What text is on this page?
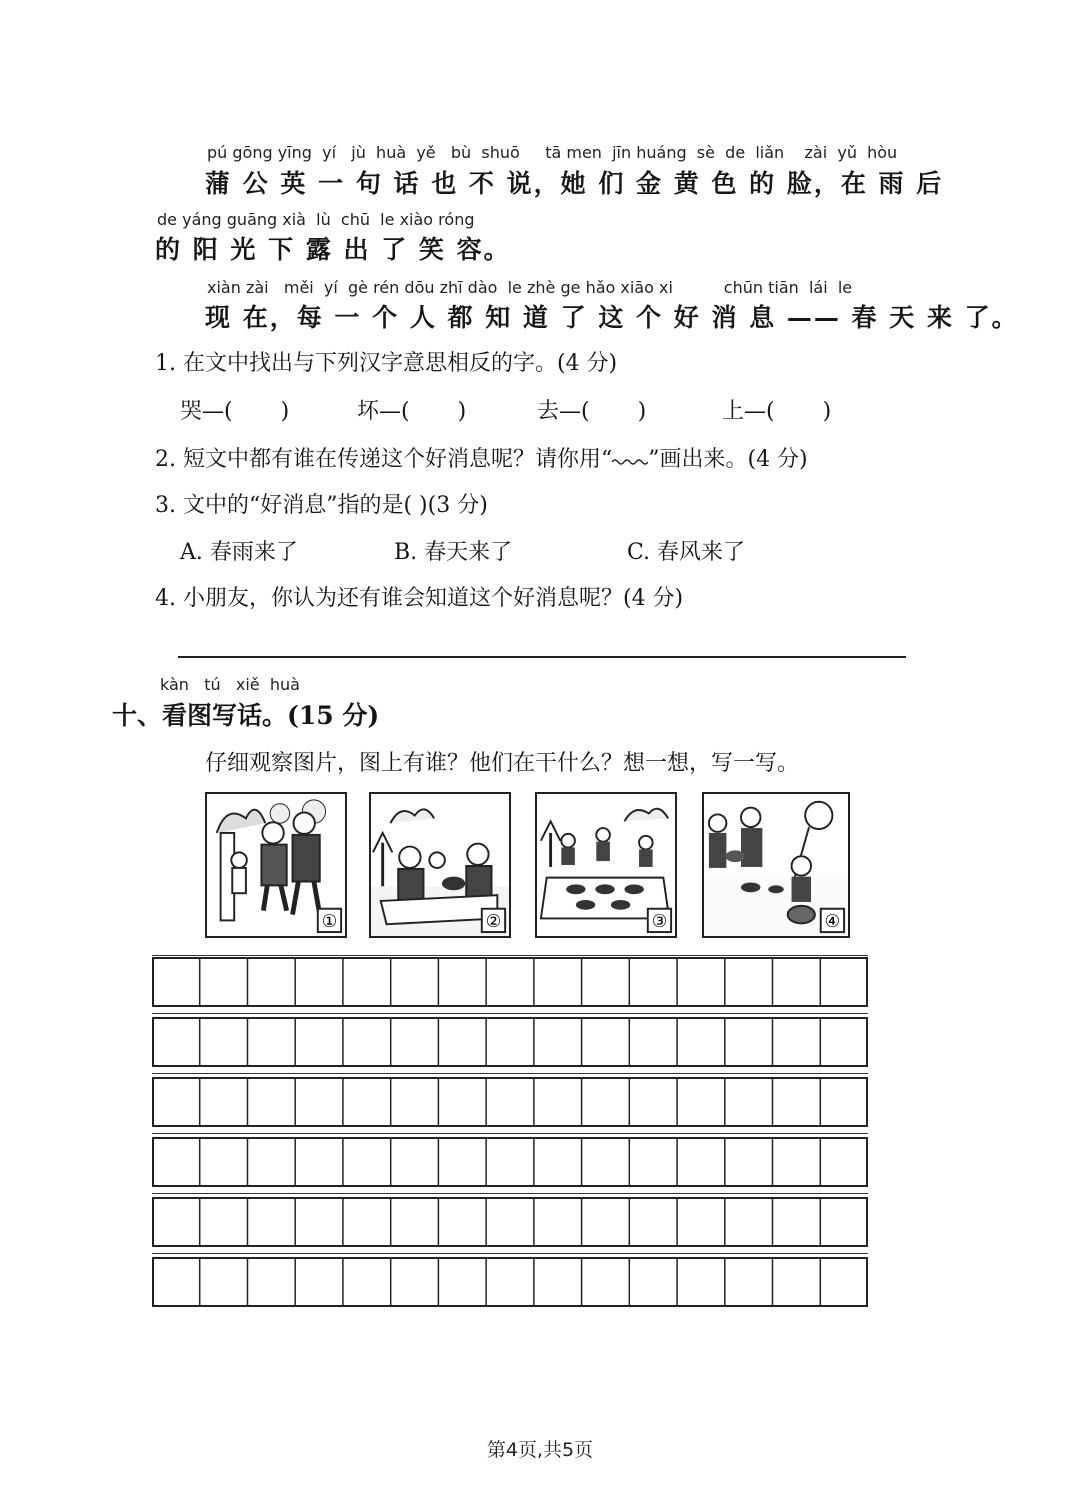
pú gōng yīng yí jù huà yě bù shuō tā men jīn huáng sè de liǎn zài yǔ hòu
蒲 公 英 一 句 话 也 不 说，她 们 金 黄 色 的 脸，在 雨 后
de yáng guāng xià lù chū le xiào róng
的 阳 光 下 露 出 了 笑 容。
xiàn zài měi yí gè rén dōu zhī dào le zhè ge hǎo xiāo xi	chūn tiān lái le
现 在，每 一 个 人 都 知 道 了 这 个 好 消 息 —— 春 天 来 了。
1. 在文中找出与下列汉字意思相反的字。(4 分)
哭—( )	坏—( )	去—( )	上—( )
2. 短文中都有谁在传递这个好消息呢？请你用“ ”画出来。(4 分)
3. 文中的“好消息”指的是( )(3 分)
A. 春雨来了	B. 春天来了	C. 春风来了
4. 小朋友，你认为还有谁会知道这个好消息呢？(4 分)
kàn tú xiě huà
十、看图写话。(15 分)
仔细观察图片，图上有谁？他们在干什么？想一想，写一写。
①	②	③	④
第4页,共5页
